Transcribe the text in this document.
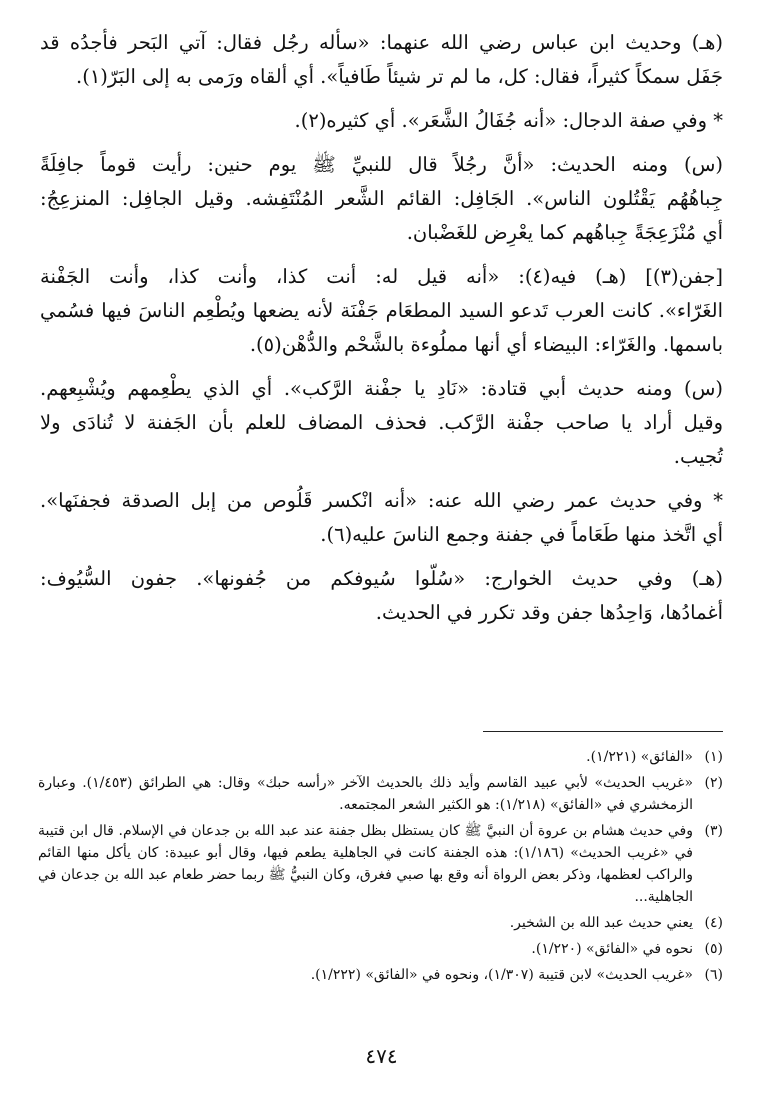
(هـ) وحديث ابن عباس رضي الله عنهما: «سأله رجُل فقال: آتي البَحر فأجدُه قد
جَفَل سمكاً كثيراً، فقال: كل، ما لم تر شيئاً طَافياً». أي ألقاه ورَمى به إلى البَرّ(١).

* وفي صفة الدجال: «أنه جُفَالُ الشَّعَر». أي كثيره(٢).

(س) ومنه الحديث: «أنَّ رجُلاً قال للنبيِّ ﷺ يوم حنين: رأيت قوماً جافِلَةً
جِباهُهُم يَقْتُلون الناس». الجَافِل: القائم الشَّعر المُنْتَفِشه. وقيل الجافِل: المنزعِجُ:
أي مُنْزَعِجَةً جِباهُهم كما يعْرِض للغَضْبان.

[جفن(٣)] (هـ) فيه(٤): «أنه قيل له: أنت كذا، وأنت كذا، وأنت الجَفْنة
الغَرّاء». كانت العرب تَدعو السيد المطعَام جَفْنَة لأنه يضعها ويُطْعِم الناسَ فيها فسُمي
باسمها. والغَرّاء: البيضاء أي أنها مملُوءة بالشَّحْم والدُّهْن(٥).

(س) ومنه حديث أبي قتادة: «نَادِ يا جفْنة الرَّكب». أي الذي يطْعِمهم ويُشْبِعهم.
وقيل أراد يا صاحب جفْنة الرَّكب. فحذف المضاف للعلم بأن الجَفنة لا تُنادَى ولا
تُجيب.

* وفي حديث عمر رضي الله عنه: «أنه انْكسر قَلُوص من إبل الصدقة فجفنَها».
أي اتَّخذ منها طَعَاماً في جفنة وجمع الناسَ عليه(٦).

(هـ) وفي حديث الخوارج: «سُلّوا سُيوفكم من جُفونها». جفون السُّيُوف:
أغمادُها، وَاحِدُها جفن وقد تكرر في الحديث.

(١)
«الفائق» (١/٢٢١).
(٢)
«غريب الحديث» لأبي عبيد القاسم وأيد ذلك بالحديث الآخر «رأسه حبك» وقال: هي الطرائق (١/٤٥٣). وعبارة الزمخشري في «الفائق» (١/٢١٨): هو الكثير الشعر المجتمعه.
(٣)
وفي حديث هشام بن عروة أن النبيَّ ﷺ كان يستظل بظل جفنة عند عبد الله بن جدعان في الإسلام. قال ابن قتيبة في «غريب الحديث» (١/١٨٦): هذه الجفنة كانت في الجاهلية يطعم فيها، وقال أبو عبيدة: كان يأكل منها القائم والراكب لعظمها، وذكر بعض الرواة أنه وقع بها صبي فغرق، وكان النبيُّ ﷺ ربما حضر طعام عبد الله بن جدعان في الجاهلية...
(٤)
يعني حديث عبد الله بن الشخير.
(٥)
نحوه في «الفائق» (١/٢٢٠).
(٦)
«غريب الحديث» لابن قتيبة (١/٣٠٧)، ونحوه في «الفائق» (١/٢٢٢).
٤٧٤
